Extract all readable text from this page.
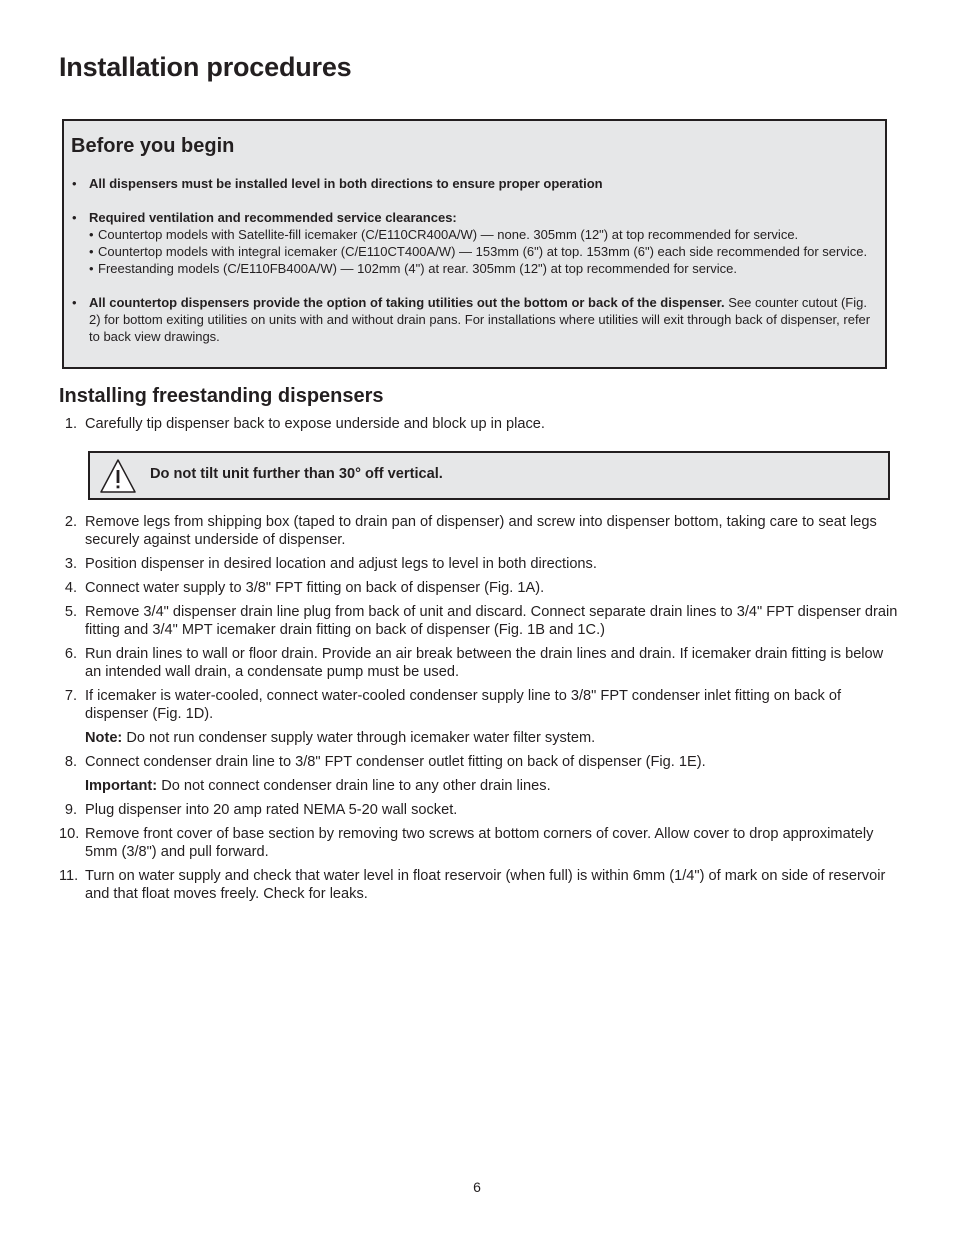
Installation procedures
Before you begin
• All dispensers must be installed level in both directions to ensure proper operation
• Required ventilation and recommended service clearances:
• Countertop models with Satellite-fill icemaker (C/E110CR400A/W) — none. 305mm (12") at top recommended for service.
• Countertop models with integral icemaker (C/E110CT400A/W) — 153mm (6") at top. 153mm (6") each side recommended for service.
• Freestanding models (C/E110FB400A/W) — 102mm (4") at rear. 305mm (12") at top recommended for service.
• All countertop dispensers provide the option of taking utilities out the bottom or back of the dispenser. See counter cutout (Fig. 2) for bottom exiting utilities on units with and without drain pans. For installations where utilities will exit through back of dispenser, refer to back view drawings.
Installing freestanding dispensers
1. Carefully tip dispenser back to expose underside and block up in place.
Do not tilt unit further than 30° off vertical.
2. Remove legs from shipping box (taped to drain pan of dispenser) and screw into dispenser bottom, taking care to seat legs securely against underside of dispenser.
3. Position dispenser in desired location and adjust legs to level in both directions.
4. Connect water supply to 3/8" FPT fitting on back of dispenser (Fig. 1A).
5. Remove 3/4" dispenser drain line plug from back of unit and discard. Connect separate drain lines to 3/4" FPT dispenser drain fitting and 3/4" MPT icemaker drain fitting on back of dispenser (Fig. 1B and 1C.)
6. Run drain lines to wall or floor drain. Provide an air break between the drain lines and drain. If icemaker drain fitting is below an intended wall drain, a condensate pump must be used.
7. If icemaker is water-cooled, connect water-cooled condenser supply line to 3/8" FPT condenser inlet fitting on back of dispenser (Fig. 1D).
Note: Do not run condenser supply water through icemaker water filter system.
8. Connect condenser drain line to 3/8" FPT condenser outlet fitting on back of dispenser (Fig. 1E).
Important: Do not connect condenser drain line to any other drain lines.
9. Plug dispenser into 20 amp rated NEMA 5-20 wall socket.
10. Remove front cover of base section by removing two screws at bottom corners of cover. Allow cover to drop approximately 5mm (3/8") and pull forward.
11. Turn on water supply and check that water level in float reservoir (when full) is within 6mm (1/4") of mark on side of reservoir and that float moves freely. Check for leaks.
6
